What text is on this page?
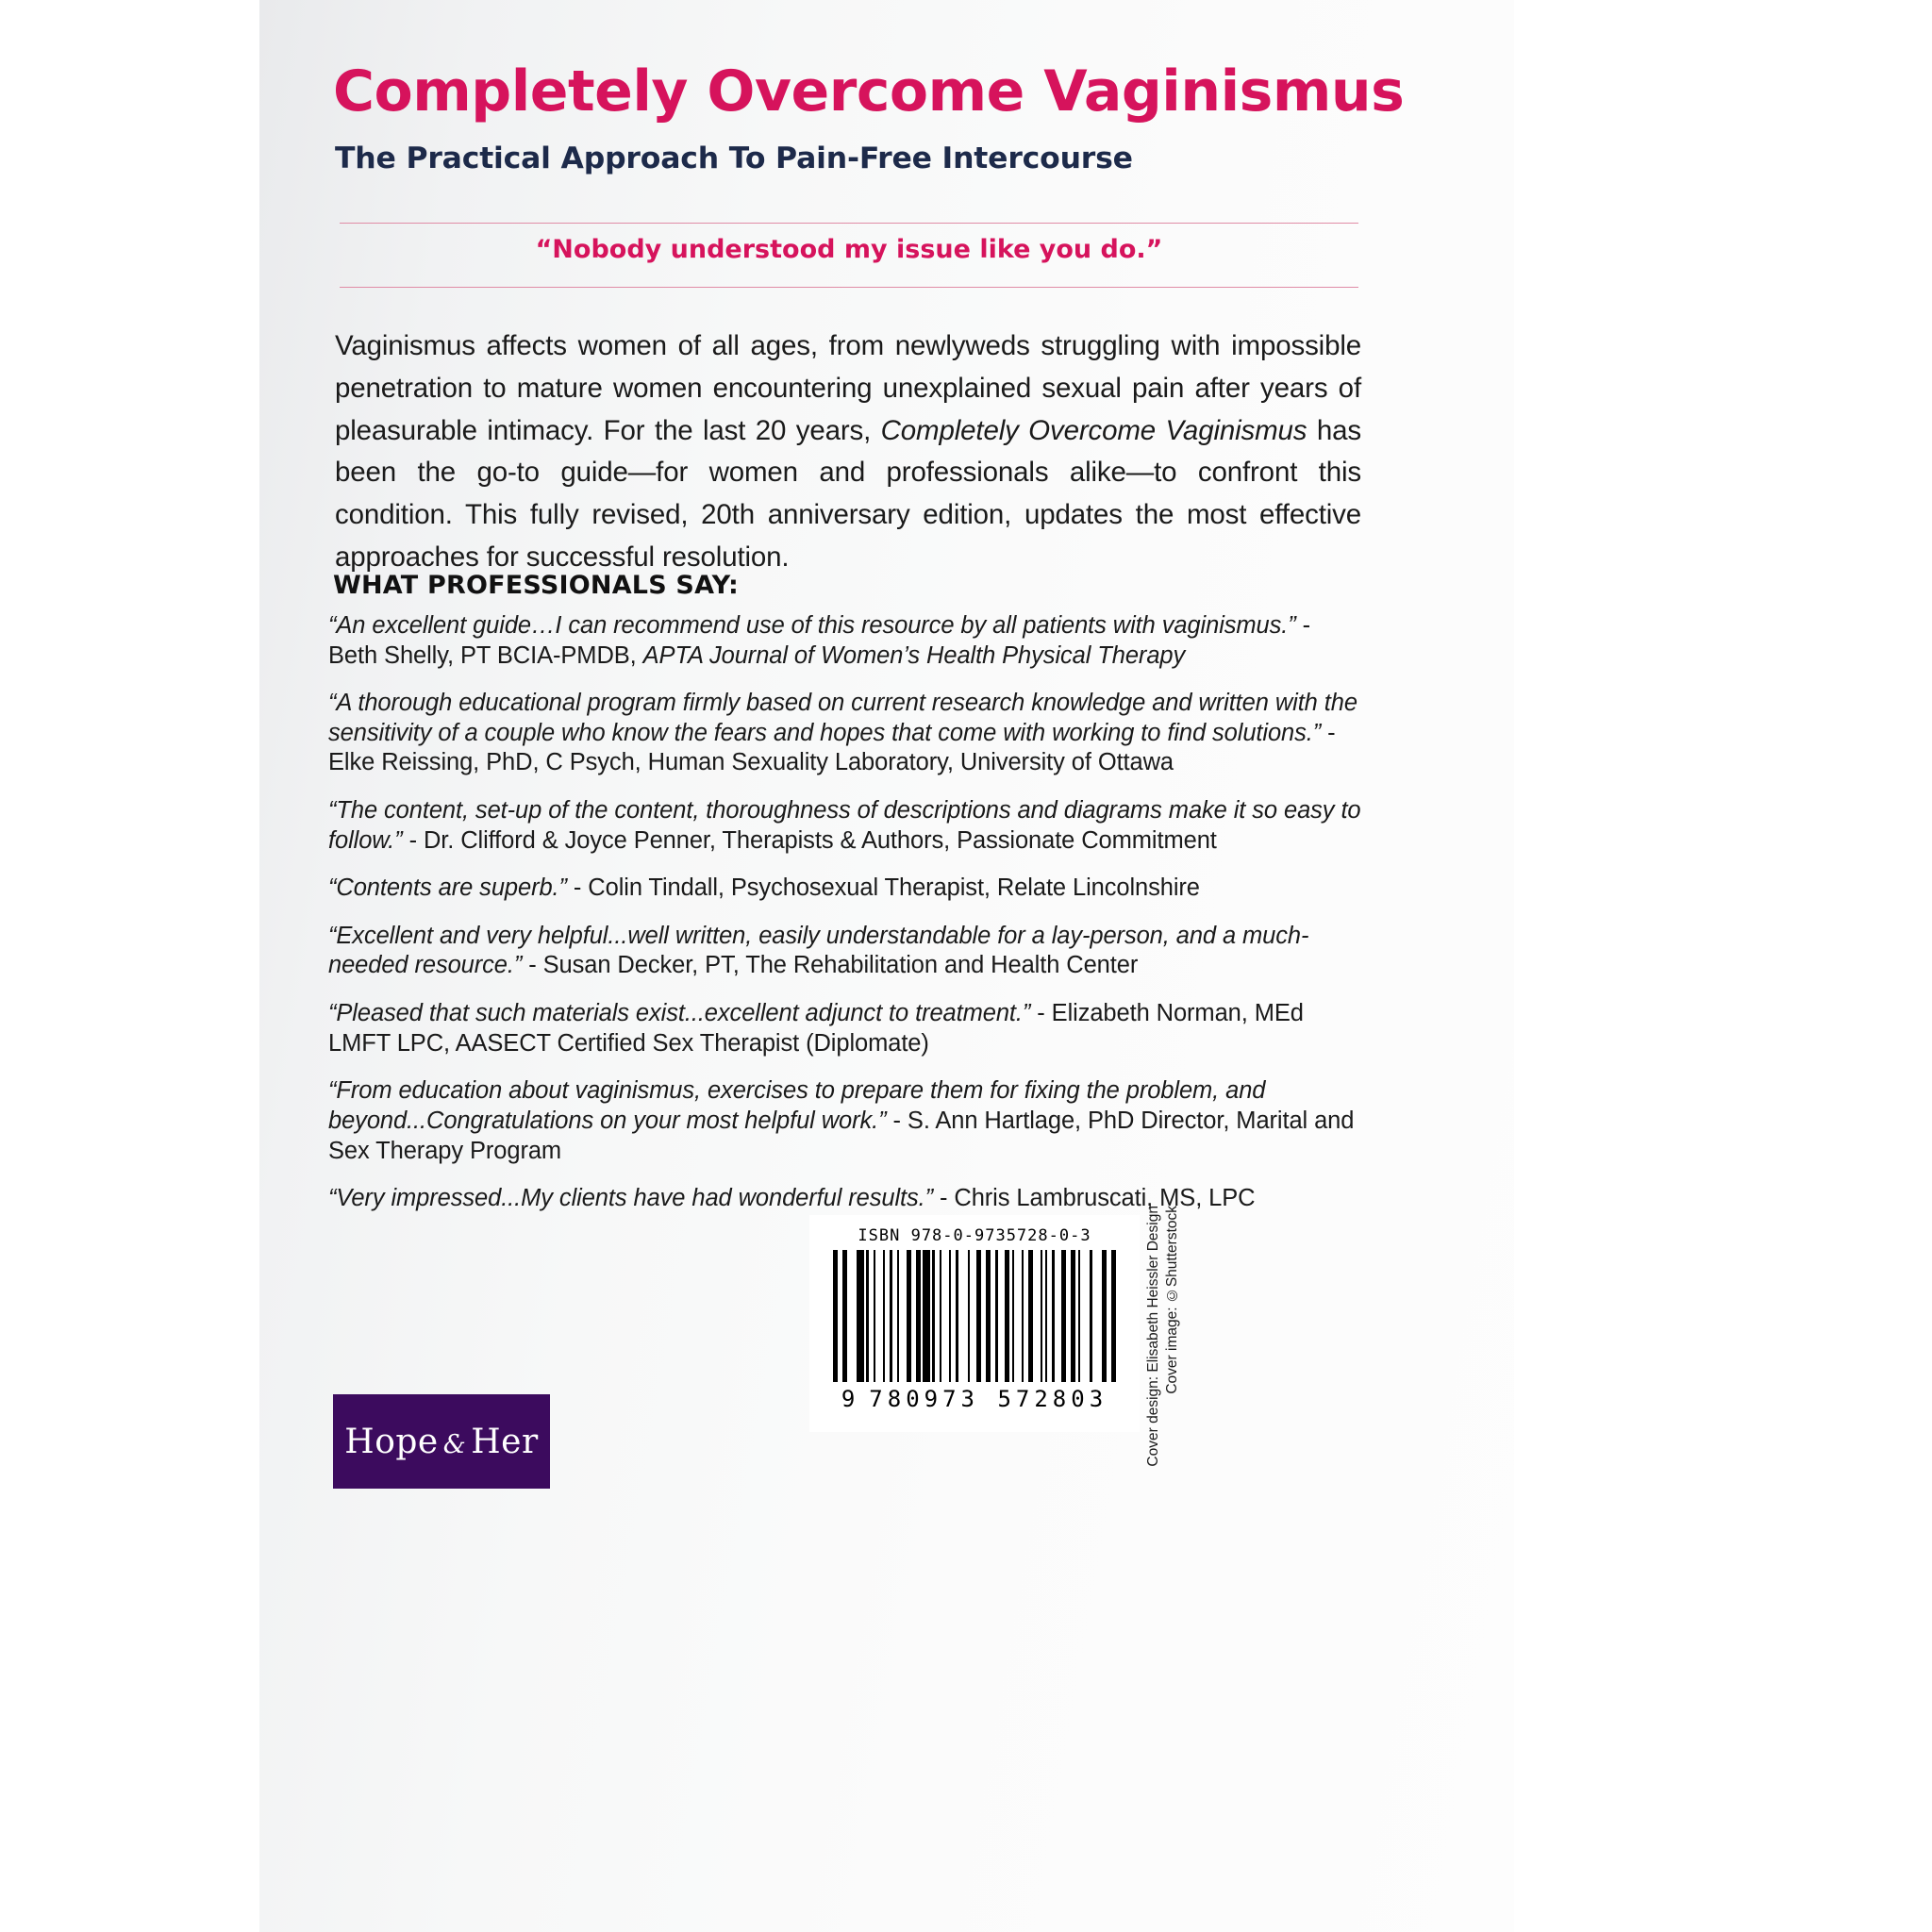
Completely Overcome Vaginismus
The Practical Approach To Pain-Free Intercourse
“Nobody understood my issue like you do.”
Vaginismus affects women of all ages, from newlyweds struggling with impossible penetration to mature women encountering unexplained sexual pain after years of pleasurable intimacy. For the last 20 years, Completely Overcome Vaginismus has been the go-to guide—for women and professionals alike—to confront this condition. This fully revised, 20th anniversary edition, updates the most effective approaches for successful resolution.
WHAT PROFESSIONALS SAY:
“An excellent guide…I can recommend use of this resource by all patients with vaginismus.” - Beth Shelly, PT BCIA-PMDB, APTA Journal of Women’s Health Physical Therapy
“A thorough educational program firmly based on current research knowledge and written with the sensitivity of a couple who know the fears and hopes that come with working to find solutions.” - Elke Reissing, PhD, C Psych, Human Sexuality Laboratory, University of Ottawa
“The content, set-up of the content, thoroughness of descriptions and diagrams make it so easy to follow.” - Dr. Clifford & Joyce Penner, Therapists & Authors, Passionate Commitment
“Contents are superb.” - Colin Tindall, Psychosexual Therapist, Relate Lincolnshire
“Excellent and very helpful...well written, easily understandable for a lay-person, and a much-needed resource.” - Susan Decker, PT, The Rehabilitation and Health Center
“Pleased that such materials exist...excellent adjunct to treatment.” - Elizabeth Norman, MEd LMFT LPC, AASECT Certified Sex Therapist (Diplomate)
“From education about vaginismus, exercises to prepare them for fixing the problem, and beyond...Congratulations on your most helpful work.” - S. Ann Hartlage, PhD Director, Marital and Sex Therapy Program
“Very impressed...My clients have had wonderful results.” - Chris Lambruscati, MS, LPC
ISBN 978-0-9735728-0-3
9 780973 572803	Cover design: Elisabeth Heissler Design Cover image: ©Shutterstock
Hope & Her
